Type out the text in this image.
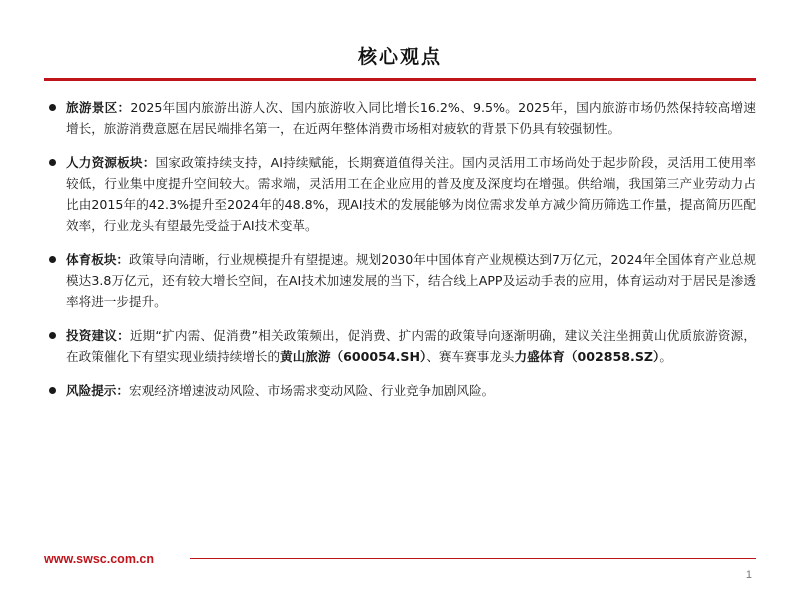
核心观点
旅游景区：2025年国内旅游出游人次、国内旅游收入同比增长16.2%、9.5%。2025年，国内旅游市场仍然保持较高增速增长，旅游消费意愿在居民端排名第一，在近两年整体消费市场相对疲软的背景下仍具有较强韧性。
人力资源板块：国家政策持续支持，AI持续赋能，长期赛道值得关注。国内灵活用工市场尚处于起步阶段，灵活用工使用率较低，行业集中度提升空间较大。需求端，灵活用工在企业应用的普及度及深度均在增强。供给端，我国第三产业劳动力占比由2015年的42.3%提升至2024年的48.8%，现AI技术的发展能够为岗位需求发单方减少简历筛选工作量，提高简历匹配效率，行业龙头有望最先受益于AI技术变革。
体育板块：政策导向清晰，行业规模提升有望提速。规划2030年中国体育产业规模达到7万亿元，2024年全国体育产业总规模达3.8万亿元，还有较大增长空间，在AI技术加速发展的当下，结合线上APP及运动手表的应用，体育运动对于居民是渗透率将进一步提升。
投资建议：近期“扩内需、促消费”相关政策频出，促消费、扩内需的政策导向逐渐明确，建议关注坐拥黄山优质旅游资源，在政策催化下有望实现业绩持续增长的黄山旅游（600054.SH）、赛车赛事龙头力盛体育（002858.SZ）。
风险提示：宏观经济增速波动风险、市场需求变动风险、行业竞争加剧风险。
www.swsc.com.cn
1
